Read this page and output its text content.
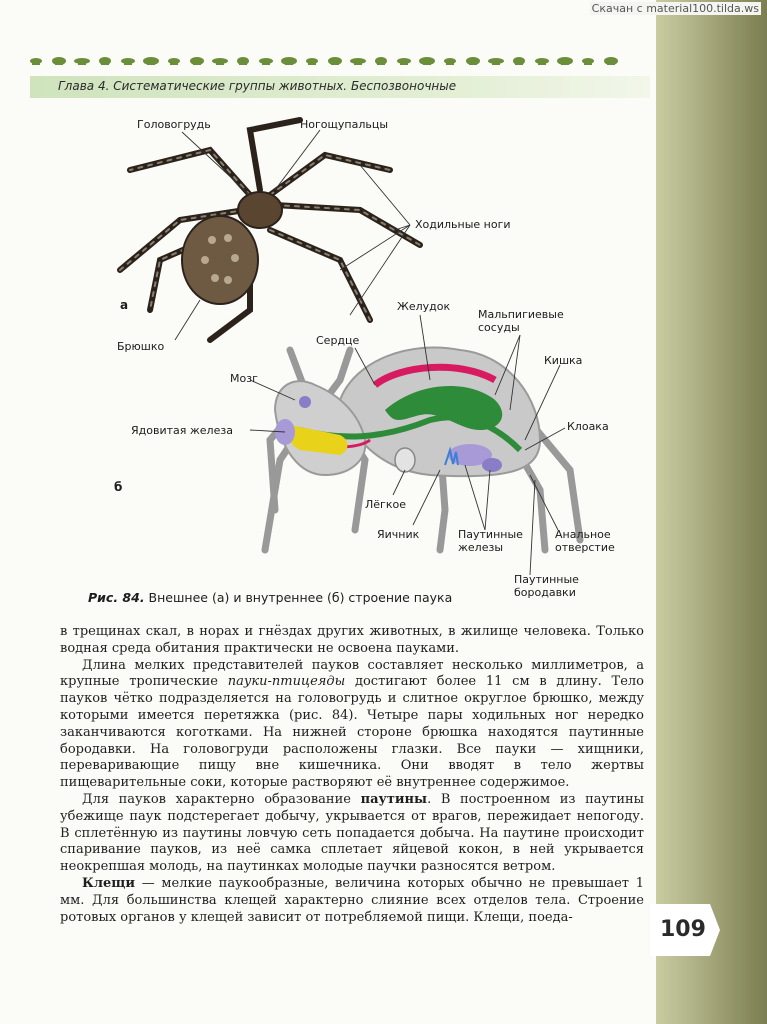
Скачан с material100.tilda.ws
Глава 4. Систематические группы животных. Беспозвоночные
Головогрудь	Ногощупальцы
Ходильные ноги
Брюшко
а	Желудок
Мальпигиевые
сосуды
Сердце
Кишка
Мозг
Ядовитая железа	Клоака
б
Лёгкое
Яичник	Паутинные
железы
Анальное
отверстие
Паутинные
бородавки
Рис. 84. Внешнее (а) и внутреннее (б) строение паука

в трещинах скал, в норах и гнёздах других животных, в жилище человека. Только водная среда обитания практически не освоена пауками.

Длина мелких представителей пауков составляет несколько миллиметров, а крупные тропические пауки-птицеяды достигают более 11 см в длину. Тело пауков чётко подразделяется на головогрудь и слитное округлое брюшко, между которыми имеется перетяжка (рис. 84). Четыре пары ходильных ног нередко заканчиваются коготками. На нижней стороне брюшка находятся паутинные бородавки. На головогруди расположены глазки. Все пауки — хищники, переваривающие пищу вне кишечника. Они вводят в тело жертвы пищеварительные соки, которые растворяют её внутреннее содержимое.

Для пауков характерно образование паутины. В построенном из паутины убежище паук подстерегает добычу, укрывается от врагов, пережидает непогоду. В сплетённую из паутины ловчую сеть попадается добыча. На паутине происходит спаривание пауков, из неё самка сплетает яйцевой кокон, в ней укрывается неокрепшая молодь, на паутинках молодые паучки разносятся ветром.

Клещи — мелкие паукообразные, величина которых обычно не превышает 1 мм. Для большинства клещей характерно слияние всех отделов тела. Строение ротовых органов у клещей зависит от потребляемой пищи. Клещи, поеда-	109
